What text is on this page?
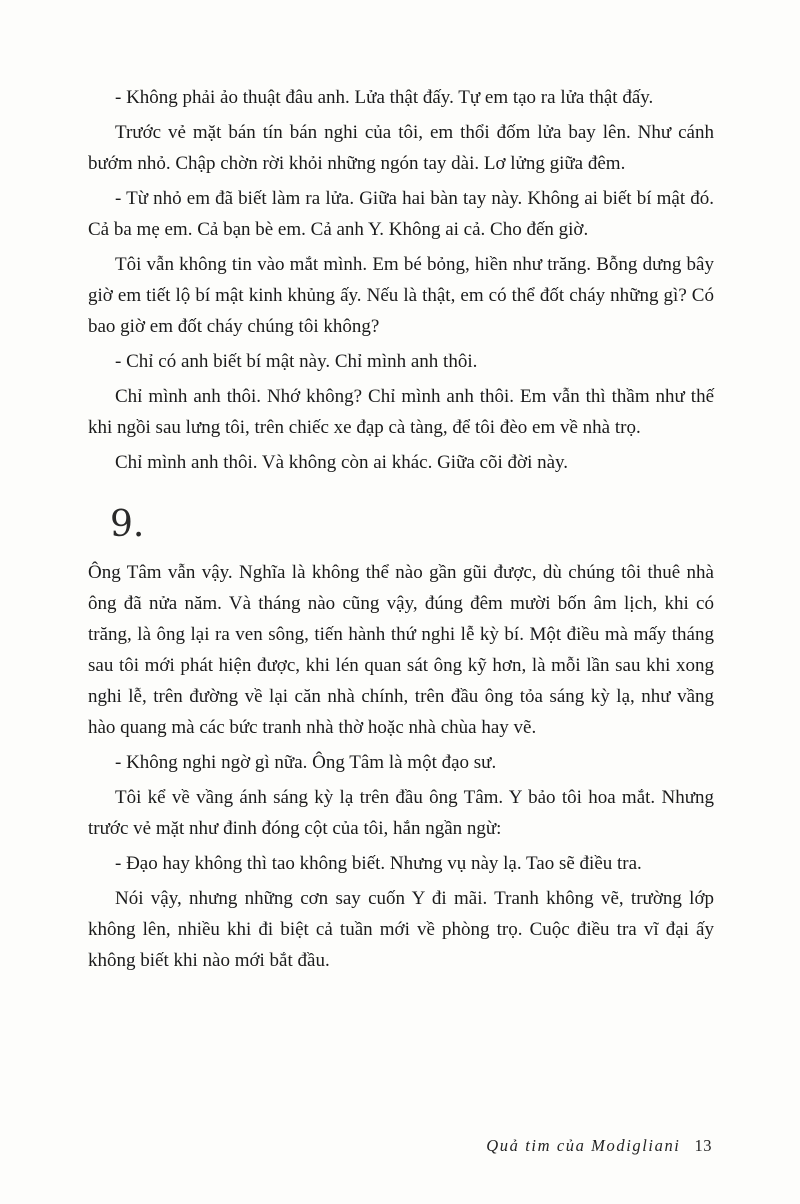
- Không phải ảo thuật đâu anh. Lửa thật đấy. Tự em tạo ra lửa thật đấy.

Trước vẻ mặt bán tín bán nghi của tôi, em thổi đốm lửa bay lên. Như cánh bướm nhỏ. Chập chờn rời khỏi những ngón tay dài. Lơ lửng giữa đêm.

- Từ nhỏ em đã biết làm ra lửa. Giữa hai bàn tay này. Không ai biết bí mật đó. Cả ba mẹ em. Cả bạn bè em. Cả anh Y. Không ai cả. Cho đến giờ.

Tôi vẫn không tin vào mắt mình. Em bé bỏng, hiền như trăng. Bỗng dưng bây giờ em tiết lộ bí mật kinh khủng ấy. Nếu là thật, em có thể đốt cháy những gì? Có bao giờ em đốt cháy chúng tôi không?

- Chỉ có anh biết bí mật này. Chỉ mình anh thôi.

Chỉ mình anh thôi. Nhớ không? Chỉ mình anh thôi. Em vẫn thì thầm như thế khi ngồi sau lưng tôi, trên chiếc xe đạp cà tàng, để tôi đèo em về nhà trọ.

Chỉ mình anh thôi. Và không còn ai khác. Giữa cõi đời này.

9.

Ông Tâm vẫn vậy. Nghĩa là không thể nào gần gũi được, dù chúng tôi thuê nhà ông đã nửa năm. Và tháng nào cũng vậy, đúng đêm mười bốn âm lịch, khi có trăng, là ông lại ra ven sông, tiến hành thứ nghi lễ kỳ bí. Một điều mà mấy tháng sau tôi mới phát hiện được, khi lén quan sát ông kỹ hơn, là mỗi lần sau khi xong nghi lễ, trên đường về lại căn nhà chính, trên đầu ông tỏa sáng kỳ lạ, như vầng hào quang mà các bức tranh nhà thờ hoặc nhà chùa hay vẽ.

- Không nghi ngờ gì nữa. Ông Tâm là một đạo sư.

Tôi kể về vầng ánh sáng kỳ lạ trên đầu ông Tâm. Y bảo tôi hoa mắt. Nhưng trước vẻ mặt như đinh đóng cột của tôi, hắn ngần ngừ:

- Đạo hay không thì tao không biết. Nhưng vụ này lạ. Tao sẽ điều tra.

Nói vậy, nhưng những cơn say cuốn Y đi mãi. Tranh không vẽ, trường lớp không lên, nhiều khi đi biệt cả tuần mới về phòng trọ. Cuộc điều tra vĩ đại ấy không biết khi nào mới bắt đầu.

Quả tim của Modigliani 13
